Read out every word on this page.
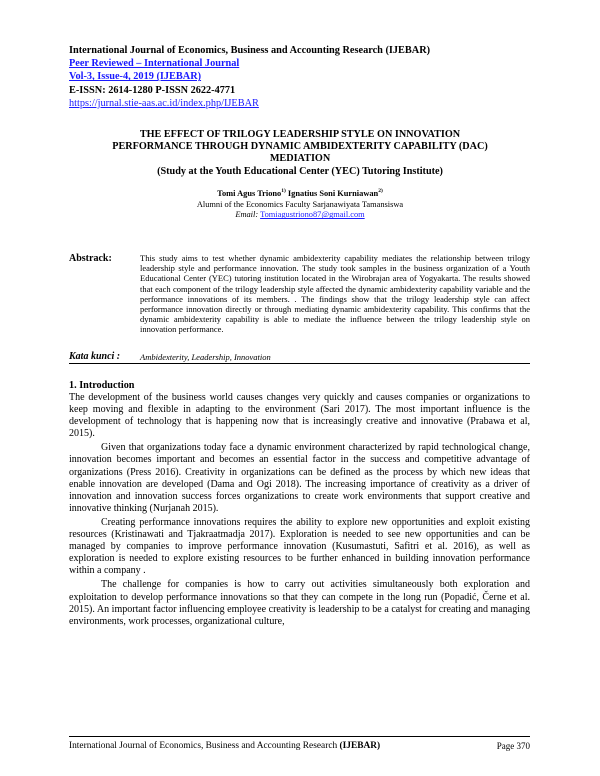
International Journal of Economics, Business and Accounting Research (IJEBAR)
Peer Reviewed – International Journal
Vol-3, Issue-4, 2019 (IJEBAR)
E-ISSN: 2614-1280 P-ISSN 2622-4771
https://jurnal.stie-aas.ac.id/index.php/IJEBAR
THE EFFECT OF TRILOGY LEADERSHIP STYLE ON INNOVATION
PERFORMANCE THROUGH DYNAMIC AMBIDEXTERITY CAPABILITY (DAC)
MEDIATION
(Study at the Youth Educational Center (YEC) Tutoring Institute)
Tomi Agus Triono$^{1)}$ Ignatius Soni Kurniawan$^{2)}$
Alumni of the Economics Faculty Sarjanawiyata Tamansiswa
Email: Tomiagustriono87@gmail.com
Abstrack:	This study aims to test whether dynamic ambidexterity capability mediates the relationship between trilogy leadership style and performance innovation. The study took samples in the business organization of a Youth Educational Center (YEC) tutoring institution located in the Wirobrajan area of Yogyakarta. The results showed that each component of the trilogy leadership style affected the dynamic ambidexterity capability variable and the performance innovations of its members. . The findings show that the trilogy leadership style can affect performance innovation directly or through mediating dynamic ambidexterity capability. This confirms that the dynamic ambidexterity capability is able to mediate the influence between the trilogy leadership style on innovation performance.
Kata kunci : Ambidexterity, Leadership, Innovation
1. Introduction

The development of the business world causes changes very quickly and causes companies or organizations to keep moving and flexible in adapting to the environment (Sari 2017). The most important influence is the development of technology that is happening now that is increasingly creative and innovative (Prabawa et al, 2015).

Given that organizations today face a dynamic environment characterized by rapid technological change, innovation becomes important and becomes an essential factor in the success and competitive advantage of organizations (Press 2016). Creativity in organizations can be defined as the process by which new ideas that enable innovation are developed (Dama and Ogi 2018). The increasing importance of creativity as a driver of innovation and innovation success forces organizations to create work environments that support creative and innovative thinking (Nurjanah 2015).

Creating performance innovations requires the ability to explore new opportunities and exploit existing resources (Kristinawati and Tjakraatmadja 2017). Exploration is needed to see new opportunities and can be managed by companies to improve performance innovation (Kusumastuti, Safitri et al. 2016), as well as exploration is needed to explore existing resources to be further enhanced in building innovation performance within a company .

The challenge for companies is how to carry out activities simultaneously both exploration and exploitation to develop performance innovations so that they can compete in the long run (Popadić, Černe et al. 2015). An important factor influencing employee creativity is leadership to be a catalyst for creating and managing environments, work processes, organizational culture,

International Journal of Economics, Business and Accounting Research (IJEBAR)	Page 370
